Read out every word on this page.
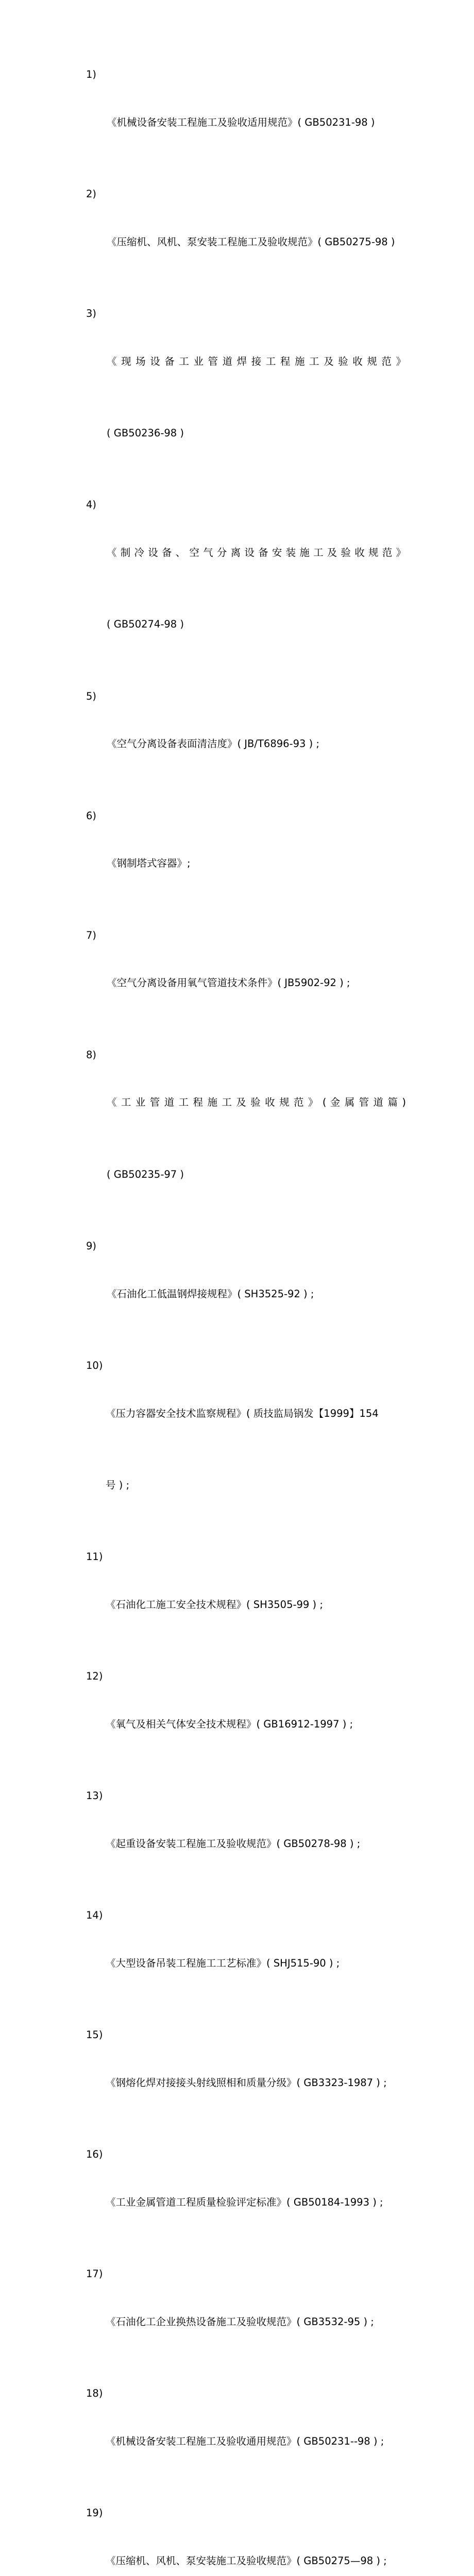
1)

《机械设备安装工程施工及验收适用规范》( GB50231-98 )

2)

《压缩机、风机、泵安装工程施工及验收规范》( GB50275-98 )

3)

《 现 场 设 备 工 业 管 道 焊 接 工 程 施 工 及 验 收 规 范 》

( GB50236-98 )

4)

《 制 冷 设 备 、 空 气 分 离 设 备 安 装 施 工 及 验 收 规 范 》

( GB50274-98 )

5)

《空气分离设备表面清洁度》( JB/T6896-93 ) ;

6)

《钢制塔式容器》;

7)

《空气分离设备用氧气管道技术条件》( JB5902-92 ) ;

8)

《 工 业 管 道 工 程 施 工 及 验 收 规 范 》 ( 金 属 管 道 篇 )

( GB50235-97 )

9)

《石油化工低温钢焊接规程》( SH3525-92 ) ;

10)

《压力容器安全技术监察规程》( 质技监局锅发【1999】154

号 ) ;

11)

《石油化工施工安全技术规程》( SH3505-99 ) ;

12)

《氧气及相关气体安全技术规程》( GB16912-1997 ) ;

13)

《起重设备安装工程施工及验收规范》( GB50278-98 ) ;

14)

《大型设备吊装工程施工工艺标准》( SHJ515-90 ) ;

15)

《钢熔化焊对接接头射线照相和质量分级》( GB3323-1987 ) ;

16)

《工业金属管道工程质量检验评定标准》( GB50184-1993 ) ;

17)

《石油化工企业换热设备施工及验收规范》( GB3532-95 ) ;

18)

《机械设备安装工程施工及验收通用规范》( GB50231--98 ) ;

19)

《压缩机、风机、泵安装施工及验收规范》( GB50275—98 ) ;
